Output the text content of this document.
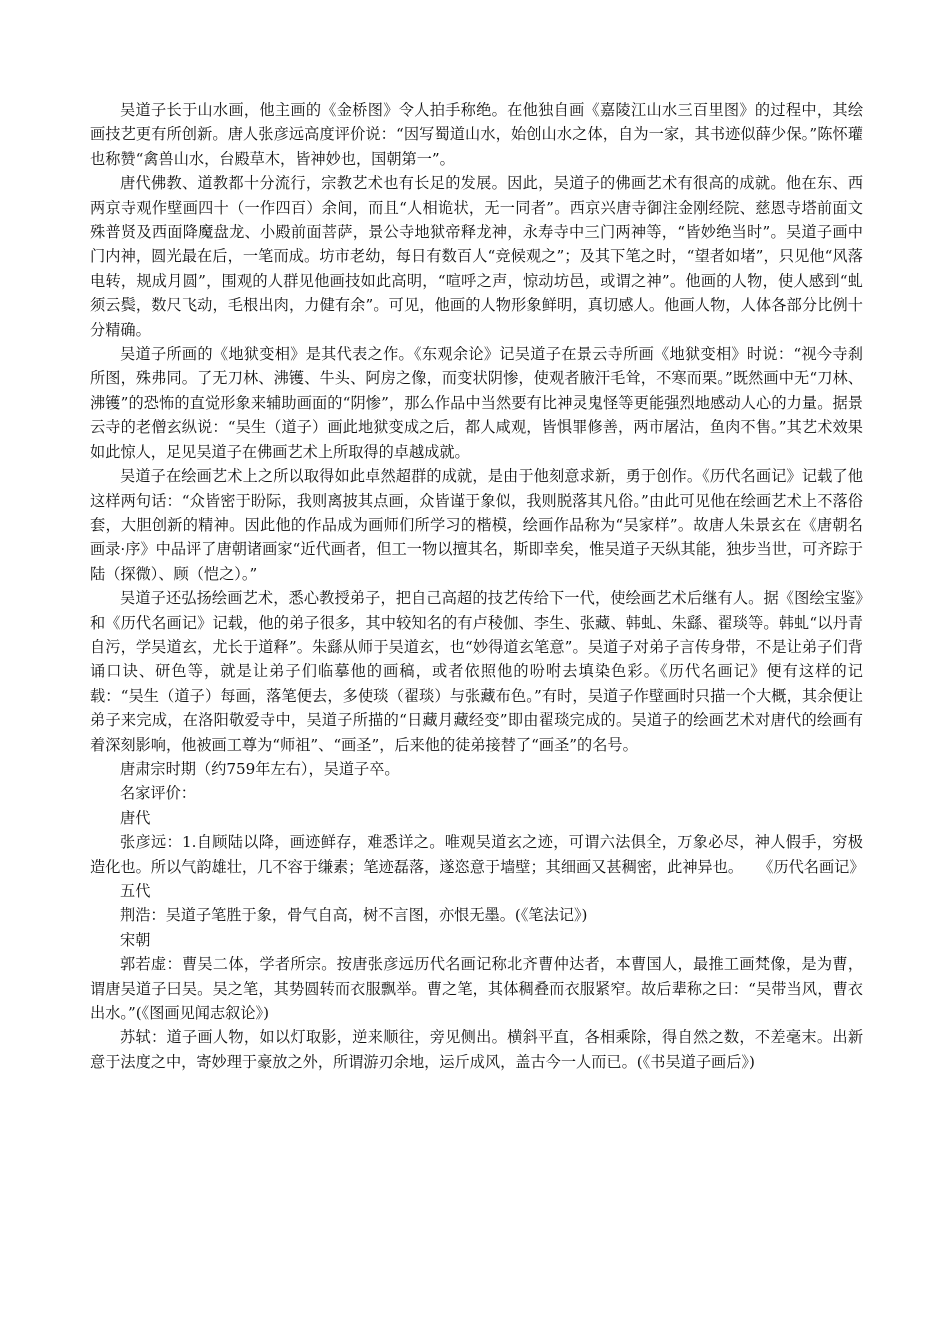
吴道子长于山水画，他主画的《金桥图》令人拍手称绝。在他独自画《嘉陵江山水三百里图》的过程中，其绘画技艺更有所创新。唐人张彦远高度评价说：“因写蜀道山水，始创山水之体，自为一家，其书迹似薛少保。”陈怀瓘也称赞“禽兽山水，台殿草木，皆神妙也，国朝第一”。

唐代佛教、道教都十分流行，宗教艺术也有长足的发展。因此，吴道子的佛画艺术有很高的成就。他在东、西两京寺观作壁画四十（一作四百）余间，而且“人相诡状，无一同者”。西京兴唐寺御注金刚经院、慈恩寺塔前面文殊普贤及西面降魔盘龙、小殿前面菩萨，景公寺地狱帝释龙神，永寿寺中三门两神等，“皆妙绝当时”。吴道子画中门内神，圆光最在后，一笔而成。坊市老幼，每日有数百人“竞候观之”；及其下笔之时，“望者如堵”，只见他“风落电转，规成月圆”，围观的人群见他画技如此高明，“喧呼之声，惊动坊邑，或谓之神”。他画的人物，使人感到“虬须云鬓，数尺飞动，毛根出肉，力健有余”。可见，他画的人物形象鲜明，真切感人。他画人物，人体各部分比例十分精确。

吴道子所画的《地狱变相》是其代表之作。《东观余论》记吴道子在景云寺所画《地狱变相》时说：“视今寺刹所图，殊弗同。了无刀林、沸镬、牛头、阿房之像，而变状阴惨，使观者腋汗毛耸，不寒而栗。”既然画中无“刀林、沸镬”的恐怖的直觉形象来辅助画面的“阴惨”，那么作品中当然要有比神灵鬼怪等更能强烈地感动人心的力量。据景云寺的老僧玄纵说：“吴生（道子）画此地狱变成之后，都人咸观，皆惧罪修善，两市屠沽，鱼肉不售。”其艺术效果如此惊人，足见吴道子在佛画艺术上所取得的卓越成就。

吴道子在绘画艺术上之所以取得如此卓然超群的成就，是由于他刻意求新，勇于创作。《历代名画记》记载了他这样两句话：“众皆密于盼际，我则离披其点画，众皆谨于象似，我则脱落其凡俗。”由此可见他在绘画艺术上不落俗套，大胆创新的精神。因此他的作品成为画师们所学习的楷模，绘画作品称为“吴家样”。故唐人朱景玄在《唐朝名画录·序》中品评了唐朝诸画家“近代画者，但工一物以擅其名，斯即幸矣，惟吴道子天纵其能，独步当世，可齐踪于陆（探微）、顾（恺之）。”

吴道子还弘扬绘画艺术，悉心教授弟子，把自己高超的技艺传给下一代，使绘画艺术后继有人。据《图绘宝鉴》和《历代名画记》记载，他的弟子很多，其中较知名的有卢稜伽、李生、张藏、韩虬、朱繇、翟琰等。韩虬“以丹青自污，学吴道玄，尤长于道释”。朱繇从师于吴道玄，也“妙得道玄笔意”。吴道子对弟子言传身带，不是让弟子们背诵口诀、研色等，就是让弟子们临摹他的画稿，或者依照他的吩咐去填染色彩。《历代名画记》便有这样的记载：“吴生（道子）每画，落笔便去，多使琰（翟琰）与张藏布色。”有时，吴道子作壁画时只描一个大概，其余便让弟子来完成，在洛阳敬爱寺中，吴道子所描的“日藏月藏经变”即由翟琰完成的。吴道子的绘画艺术对唐代的绘画有着深刻影响，他被画工尊为“师祖”、“画圣”，后来他的徒弟接替了“画圣”的名号。

唐肃宗时期（约759年左右），吴道子卒。

名家评价：

唐代

张彦远：1.自顾陆以降，画迹鲜存，难悉详之。唯观吴道玄之迹，可谓六法俱全，万象必尽，神人假手，穷极造化也。所以气韵雄壮，几不容于缣素；笔迹磊落，遂恣意于墙壁；其细画又甚稠密，此神异也。　　《历代名画记》

五代

荆浩：吴道子笔胜于象，骨气自高，树不言图，亦恨无墨。(《笔法记》)

宋朝

郭若虚：曹吴二体，学者所宗。按唐张彦远历代名画记称北齐曹仲达者，本曹国人，最推工画梵像，是为曹，谓唐吴道子曰吴。吴之笔，其势圆转而衣服飘举。曹之笔，其体稠叠而衣服紧窄。故后辈称之曰：“吴带当风，曹衣出水。”(《图画见闻志叙论》)

苏轼：道子画人物，如以灯取影，逆来顺往，旁见侧出。横斜平直，各相乘除，得自然之数，不差毫末。出新意于法度之中，寄妙理于豪放之外，所谓游刃余地，运斤成风，盖古今一人而已。(《书吴道子画后》)
